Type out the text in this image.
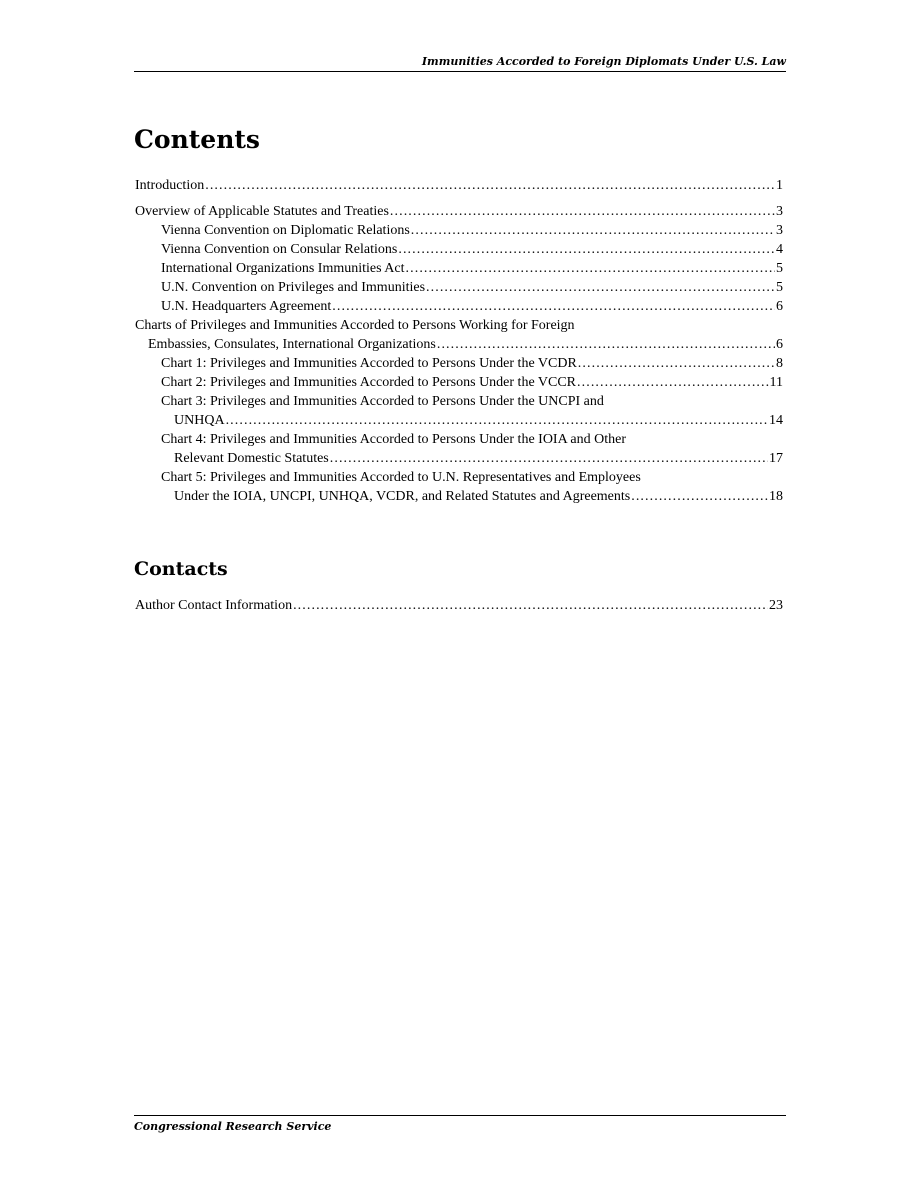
Immunities Accorded to Foreign Diplomats Under U.S. Law
Contents
Introduction . . .	1
Overview of Applicable Statutes and Treaties . . .	3
Vienna Convention on Diplomatic Relations . . .	3
Vienna Convention on Consular Relations . . .	4
International Organizations Immunities Act . . .	5
U.N. Convention on Privileges and Immunities . . .	5
U.N. Headquarters Agreement . . .	6
Charts of Privileges and Immunities Accorded to Persons Working for Foreign
Embassies, Consulates, International Organizations . . .	6
Chart 1: Privileges and Immunities Accorded to Persons Under the VCDR . . .	8
Chart 2: Privileges and Immunities Accorded to Persons Under the VCCR . . .	11
Chart 3: Privileges and Immunities Accorded to Persons Under the UNCPI and
UNHQA . . .	14
Chart 4: Privileges and Immunities Accorded to Persons Under the IOIA and Other
Relevant Domestic Statutes . . .	17
Chart 5: Privileges and Immunities Accorded to U.N. Representatives and Employees
Under the IOIA, UNCPI, UNHQA, VCDR, and Related Statutes and Agreements . . .	18
Contacts
Author Contact Information . . .	23
Congressional Research Service
